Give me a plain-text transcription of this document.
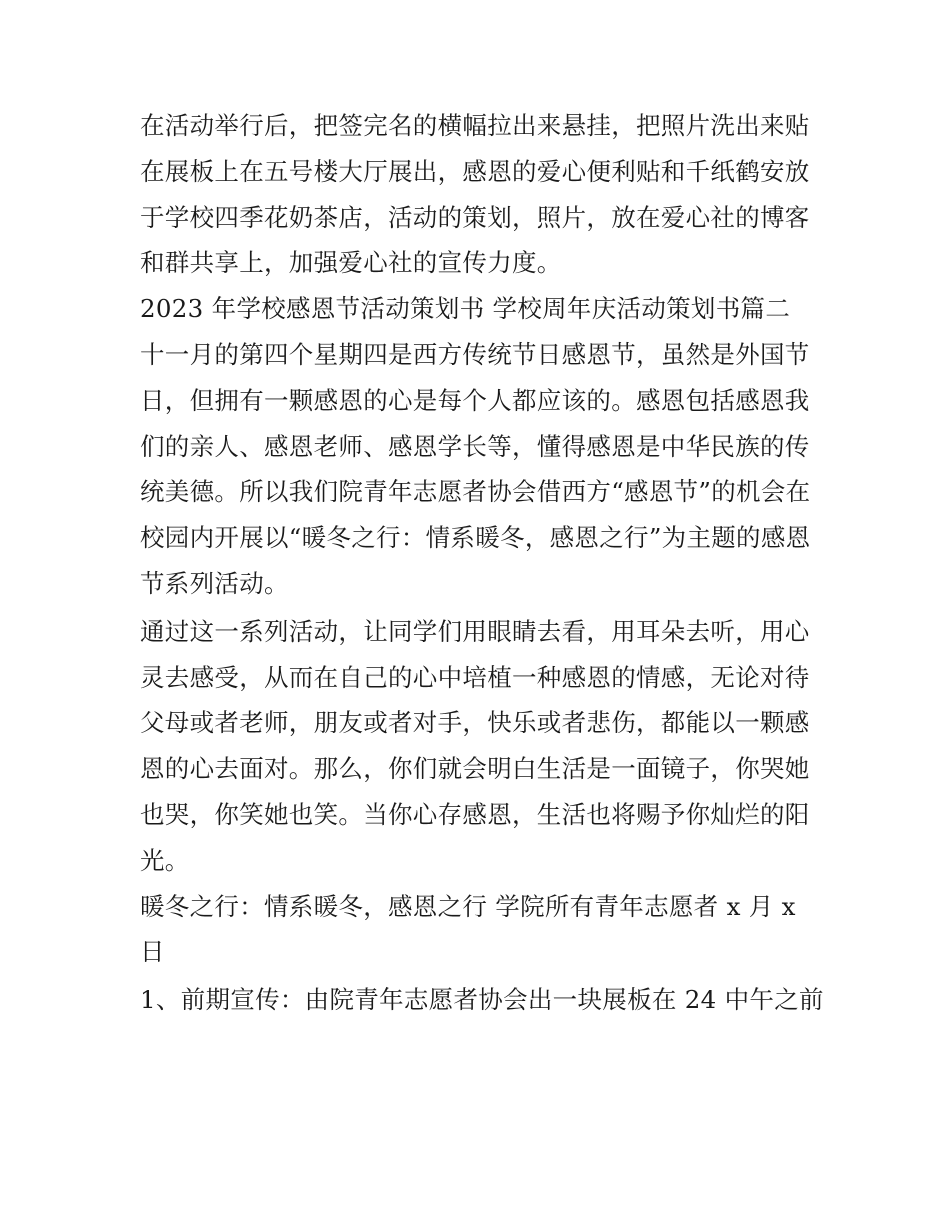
在活动举行后，把签完名的横幅拉出来悬挂，把照片洗出来贴
在展板上在五号楼大厅展出，感恩的爱心便利贴和千纸鹤安放
于学校四季花奶茶店，活动的策划，照片，放在爱心社的博客
和群共享上，加强爱心社的宣传力度。
2023 年学校感恩节活动策划书 学校周年庆活动策划书篇二
十一月的第四个星期四是西方传统节日感恩节，虽然是外国节
日，但拥有一颗感恩的心是每个人都应该的。感恩包括感恩我
们的亲人、感恩老师、感恩学长等，懂得感恩是中华民族的传
统美德。所以我们院青年志愿者协会借西方“感恩节”的机会在
校园内开展以“暖冬之行：情系暖冬，感恩之行”为主题的感恩
节系列活动。
通过这一系列活动，让同学们用眼睛去看，用耳朵去听，用心
灵去感受，从而在自己的心中培植一种感恩的情感，无论对待
父母或者老师，朋友或者对手，快乐或者悲伤，都能以一颗感
恩的心去面对。那么，你们就会明白生活是一面镜子，你哭她
也哭，你笑她也笑。当你心存感恩，生活也将赐予你灿烂的阳
光。
暖冬之行：情系暖冬，感恩之行 学院所有青年志愿者 x 月 x
日
1、前期宣传：由院青年志愿者协会出一块展板在 24 中午之前
